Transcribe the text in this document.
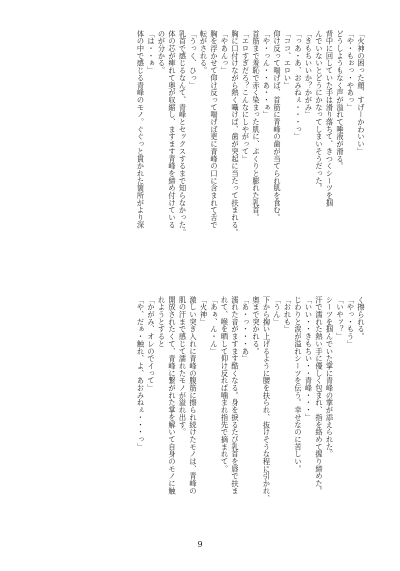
「火神の困った顔、すげーかわいい」
「や・もぉっ・やあっ」
どうしようもなく声が溢れて唾液が滑る。
背中に回していた手は滑り落ちて、きつくシーツを掴
んでいないとどうにかなってしまいそうだった。
「きもちいいか？かがみ」
「っあ・あ、おみねぇ・・・っ」
「ココ、エロい」
仰け反って喘げば、首筋に青峰の歯が当てられ肌を食む。
「や・っん・・あ・・ぁ」
首筋まで羞恥で赤く染まった肌に、ぷくりと膨れた乳首。
「エロすぎだろ？こんなにしやがって」
胸に口付けながら熱く囁けば、歯が突起に当たって扶まれる。
「やあんっ」
胸を浮かせて仰け反って喘げば更に青峰の口に含まれて舌で
転がされる。
「うっく、ひっ」
乳首で感じるなんて、青峰とセックスするまで知らなかった。
体の芯が痺れて奥が収縮し、ますます青峰を締め付けている
のが分かる。
「は・・ぁ」
体の中で感じる青峰のモノ。ぐぐっと貫かれた箇所がより深
く擦られる。
「やっ・もう」
「いやァ？」
シーツを掴んでいた掌に青峰の掌が添えられた。
汗で濡れた熱い手に優しく包まれ、指を絡めて握り締めた。
「いい・・きもちい・・青峰・・・」
じわりと涙が溢れシーツを伝う。幸せなのに苦しい。
「おれも」
「うん」
下から掬い上げるように腰を扶られ、抜けそうな程に引かれ、
奥まで突かれる。
「あ・っ・・・あ」
濡れた音がますます酷くなる。身を捩るたび乳首を唇で扶ま
れて、喉を晒して仰け反れば噛まれ指先で摘まれて。
「あぁ、ん・ん」
「火神」
激しい突き入れに青峰の腹筋に擦られ続けたモノは、青峰の
肌の汗まで感じて濡れたモノが溢れ出す。
開放されたくて、青峰に繋がれた掌を解いて自身のモノに触
れようとすると
「かがみ、オレのでイって」
「や、だぁ・触れ、よ、あおみねぇ・・・っ」
9
